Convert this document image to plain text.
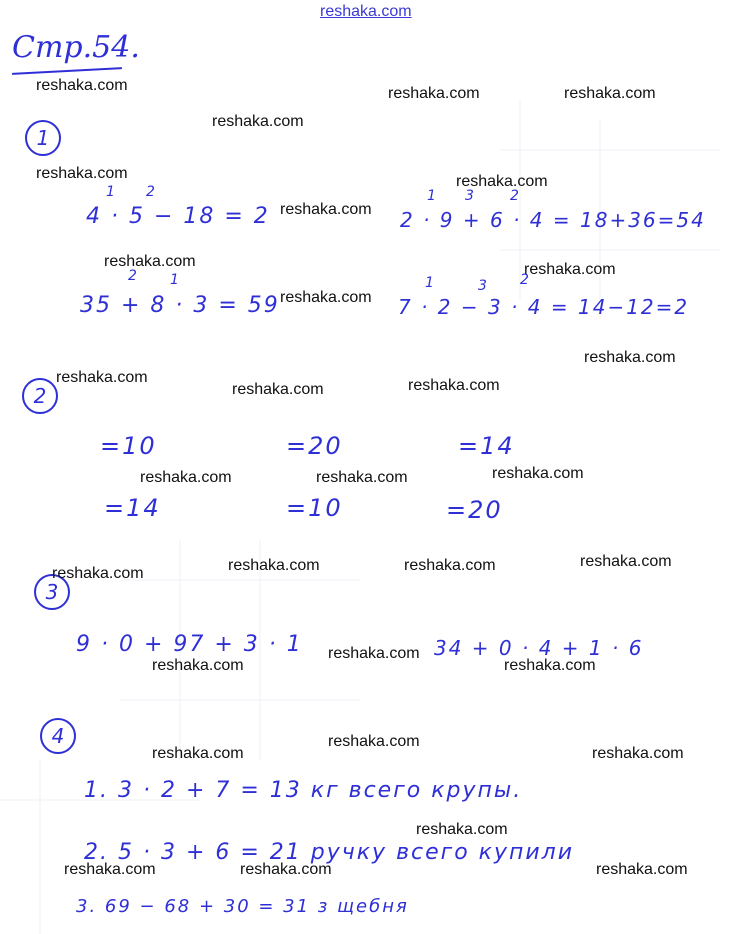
reshaka.com
Стр.54.
1
1 2
4 · 5 − 18 = 2
1 3	2
2 · 9 + 6 · 4 = 18+36=54
2 1
35 + 8 · 3 = 59
1	3 2
7 · 2 − 3 · 4 = 14−12=2
2
=10	=20	=14
=14	=10	=20
3
9 · 0 + 97 + 3 · 1	34 + 0 · 4 + 1 · 6
4
1. 3 · 2 + 7 = 13 кг всего крупы.
2. 5 · 3 + 6 = 21 ручку всего купили
3. 69 − 68 + 30 = 31 з щебня
reshaka.com	reshaka.com	reshaka.com
reshaka.com
reshaka.com	reshaka.com
reshaka.com
reshaka.com	reshaka.com
reshaka.com
reshaka.com
reshaka.com	reshaka.com
reshaka.com
reshaka.com
reshaka.com	reshaka.com
reshaka.com
reshaka.com	reshaka.com
reshaka.com
reshaka.com
reshaka.com	reshaka.com
reshaka.com
reshaka.com	reshaka.com
reshaka.com
reshaka.com	reshaka.com	reshaka.com
